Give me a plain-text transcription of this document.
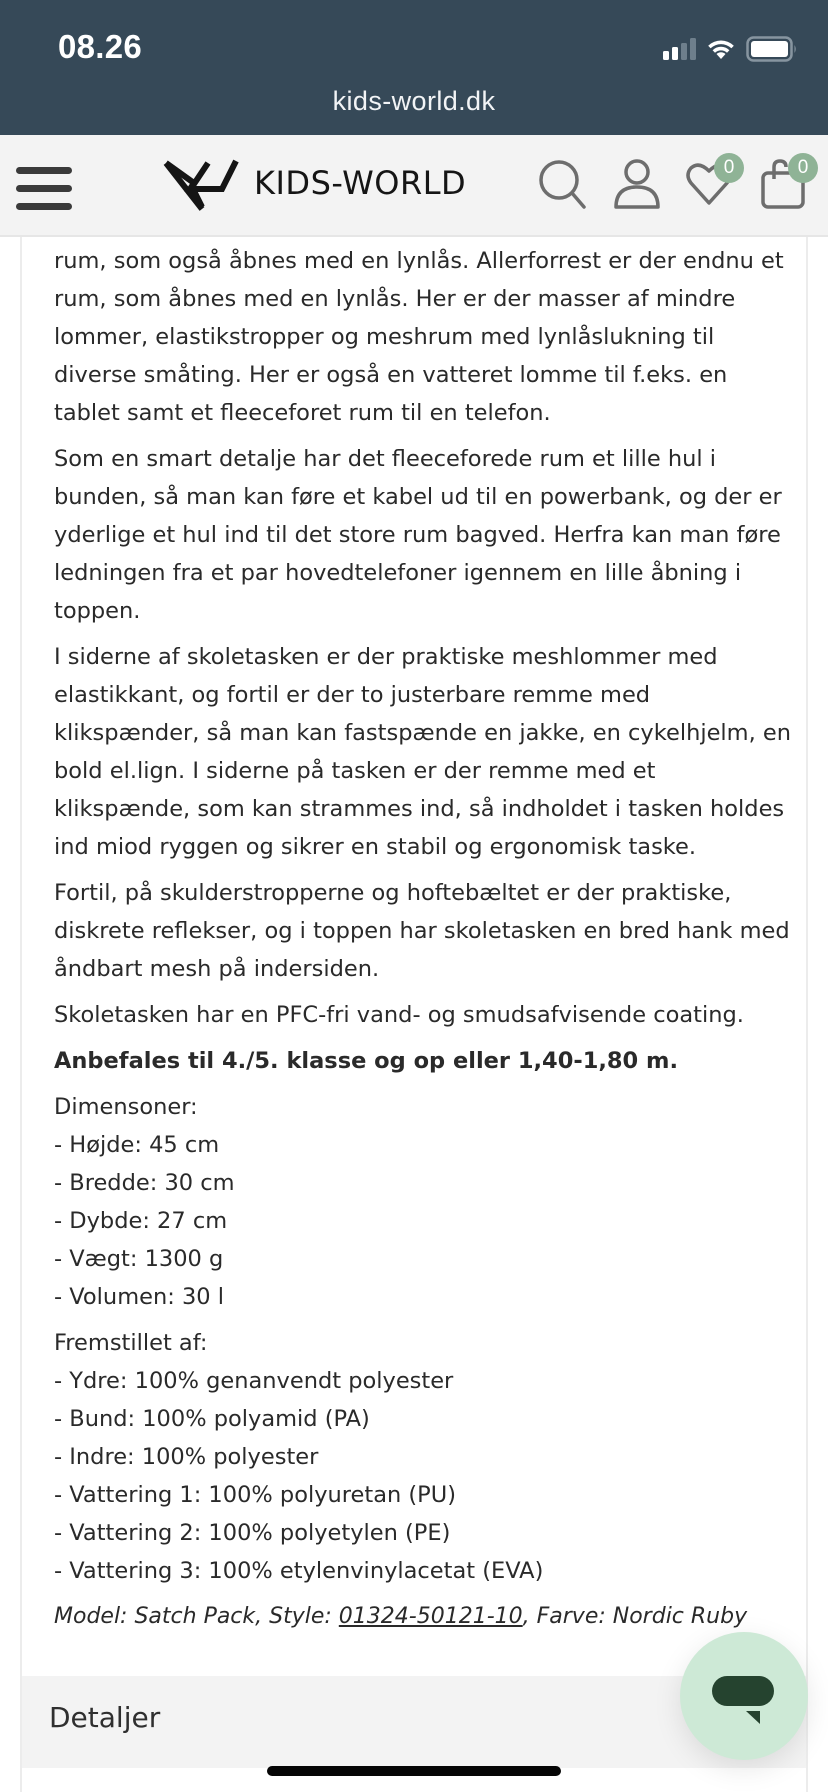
08.26
kids-world.dk
KIDS-WORLD	0	0

rum, som også åbnes med en lynlås. Allerforrest er der endnu et rum, som åbnes med en lynlås. Her er der masser af mindre lommer, elastikstropper og meshrum med lynlåslukning til diverse småting. Her er også en vatteret lomme til f.eks. en tablet samt et fleeceforet rum til en telefon.

Som en smart detalje har det fleeceforede rum et lille hul i bunden, så man kan føre et kabel ud til en powerbank, og der er yderlige et hul ind til det store rum bagved. Herfra kan man føre ledningen fra et par hovedtelefoner igennem en lille åbning i toppen.

I siderne af skoletasken er der praktiske meshlommer med elastikkant, og fortil er der to justerbare remme med klikspænder, så man kan fastspænde en jakke, en cykelhjelm, en bold el.lign. I siderne på tasken er der remme med et klikspænde, som kan strammes ind, så indholdet i tasken holdes ind miod ryggen og sikrer en stabil og ergonomisk taske.

Fortil, på skulderstropperne og hoftebæltet er der praktiske, diskrete reflekser, og i toppen har skoletasken en bred hank med åndbart mesh på indersiden.

Skoletasken har en PFC-fri vand- og smudsafvisende coating.

Anbefales til 4./5. klasse og op eller 1,40-1,80 m.

Dimensoner:
- Højde: 45 cm
- Bredde: 30 cm
- Dybde: 27 cm
- Vægt: 1300 g
- Volumen: 30 l

Fremstillet af:
- Ydre: 100% genanvendt polyester
- Bund: 100% polyamid (PA)
- Indre: 100% polyester
- Vattering 1: 100% polyuretan (PU)
- Vattering 2: 100% polyetylen (PE)
- Vattering 3: 100% etylenvinylacetat (EVA)

Model: Satch Pack, Style: 01324-50121-10, Farve: Nordic Ruby

Detaljer
